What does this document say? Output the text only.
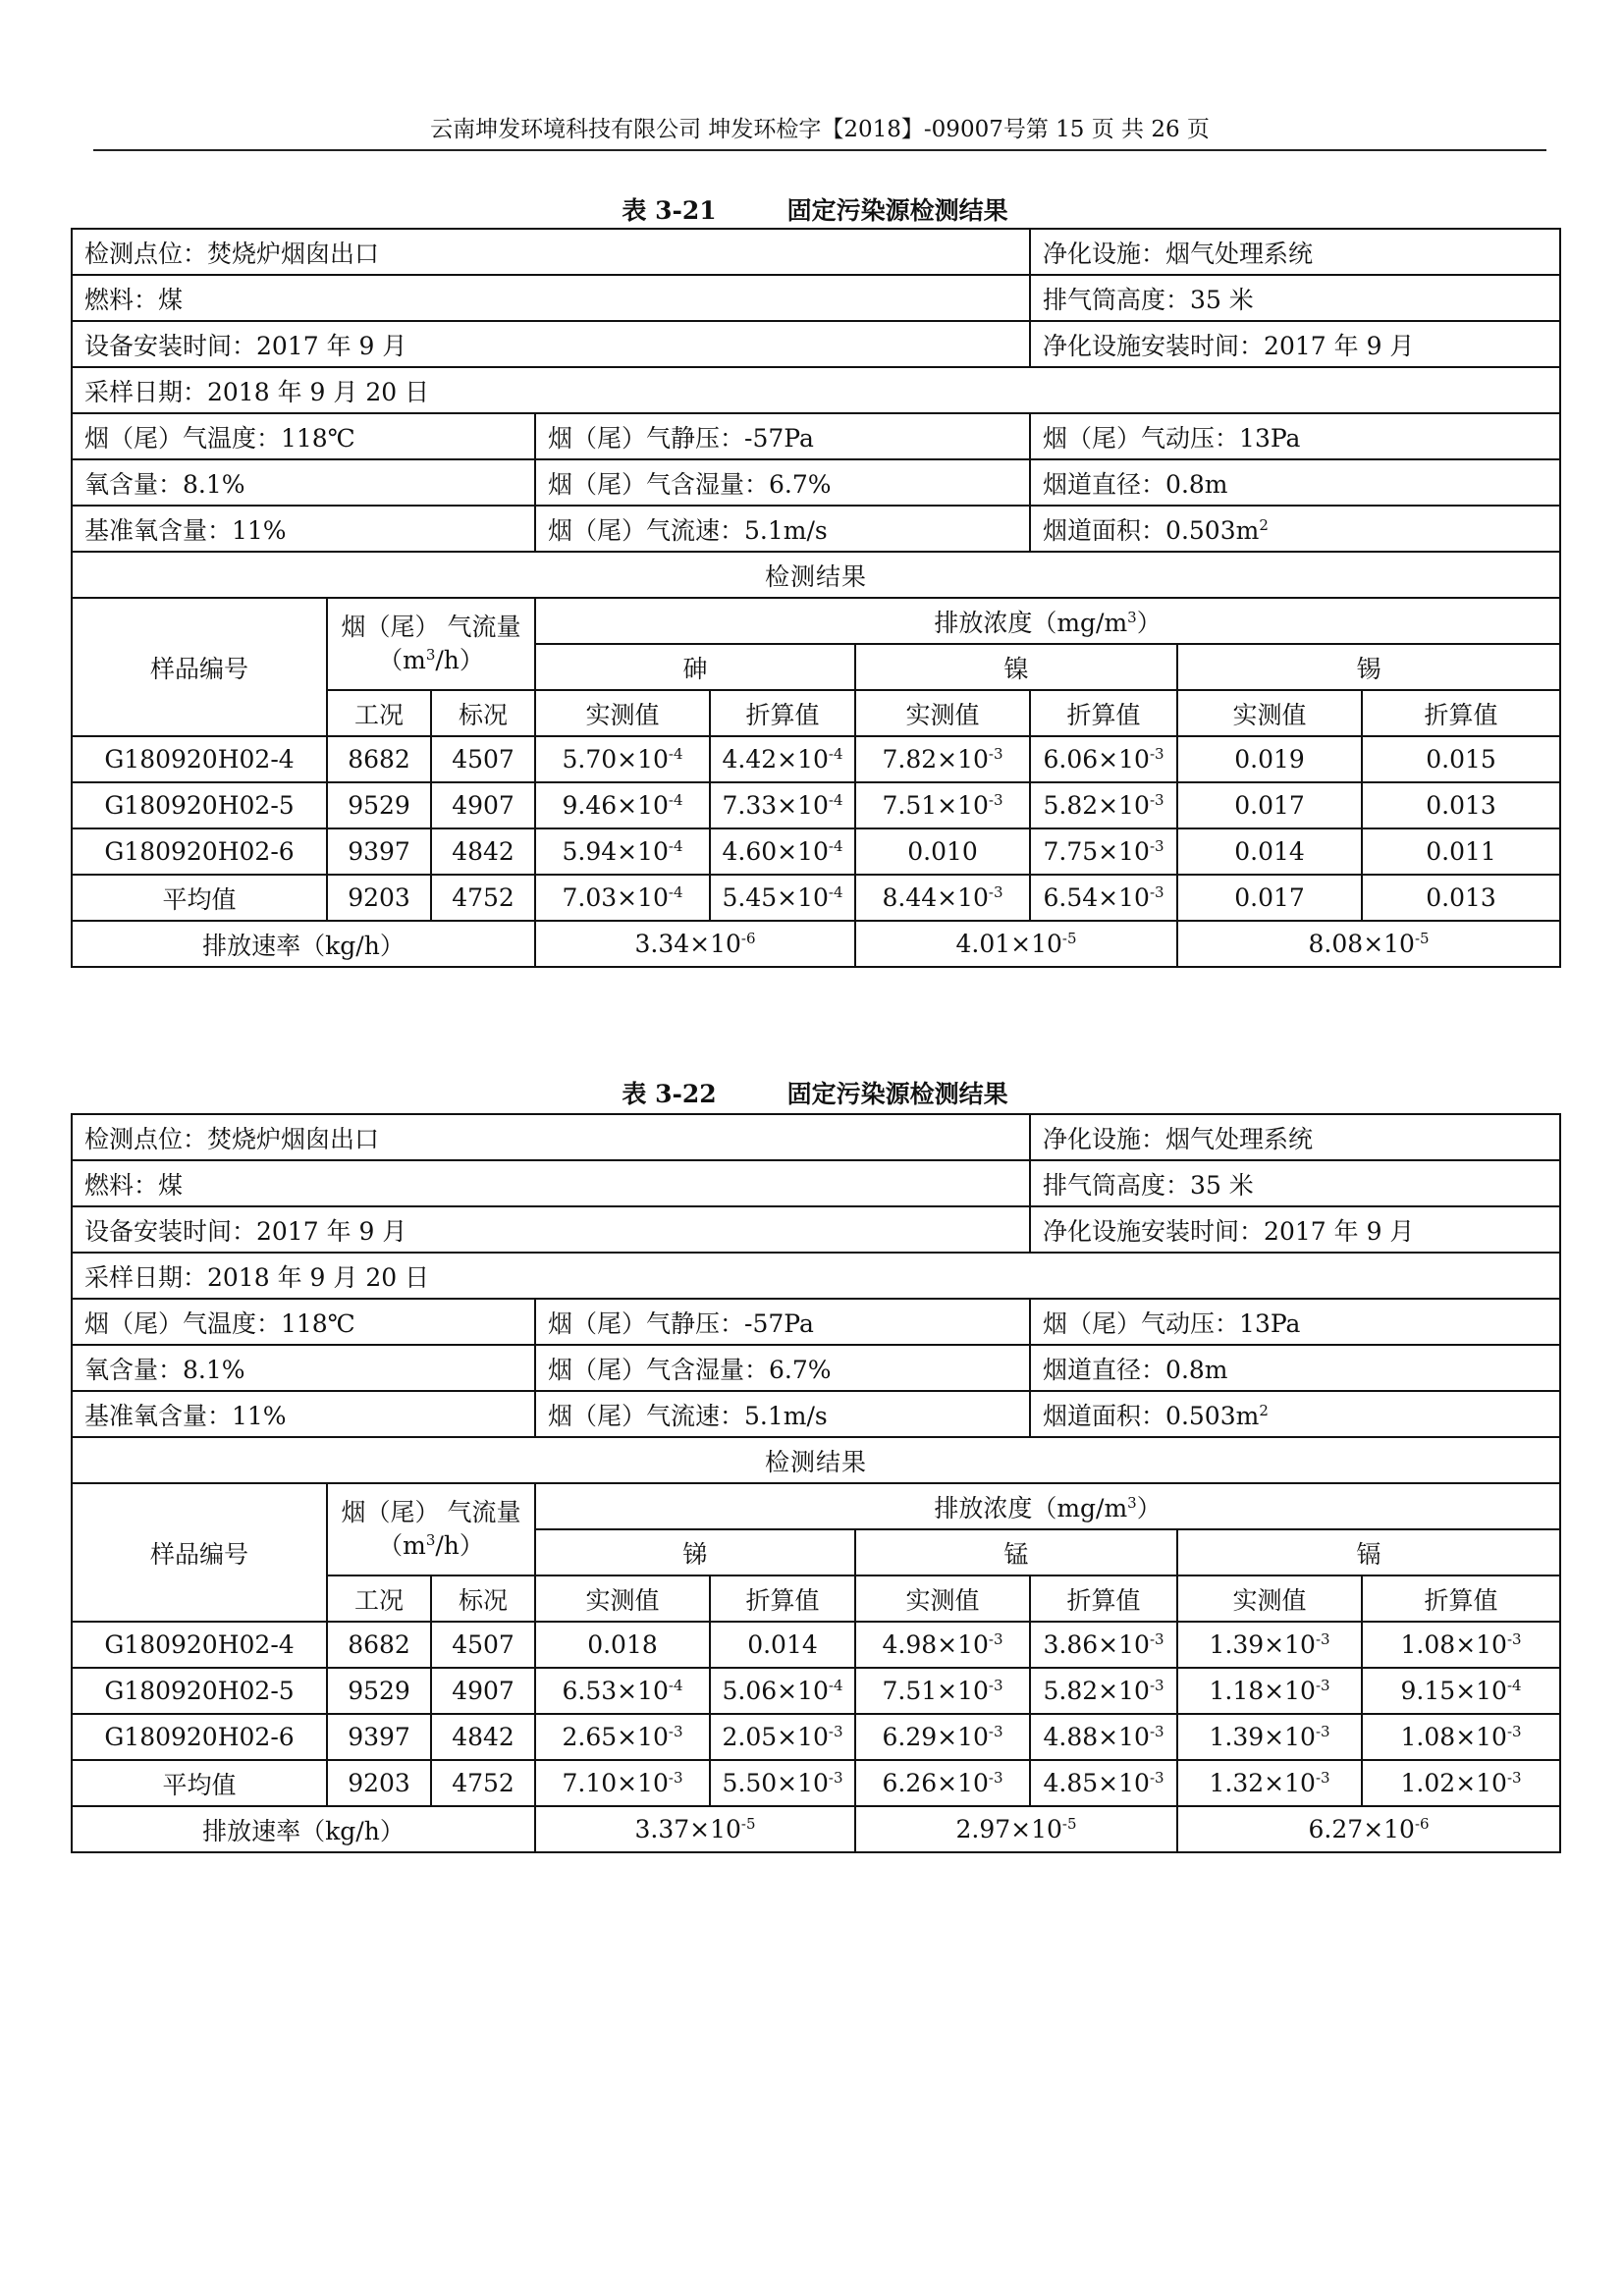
云南坤发环境科技有限公司 坤发环检字【2018】-09007号第 15 页 共 26 页
表 3-21	固定污染源检测结果
检测点位：焚烧炉烟囱出口						净化设施：烟气处理系统		
燃料：煤						排气筒高度：35 米		
设备安装时间：2017 年 9 月						净化设施安装时间：2017 年 9 月		
采样日期：2018 年 9 月 20 日								
烟（尾）气温度：118℃			烟（尾）气静压：-57Pa			烟（尾）气动压：13Pa		
氧含量：8.1%			烟（尾）气含湿量：6.7%			烟道直径：0.8m		
基准氧含量：11%			烟（尾）气流速：5.1m/s			烟道面积：$0.503m^2$
检测结果								
样品编号	烟（尾） 气流量
$(m^3/h)$		排放浓度$(mg/m^3)$					
			砷		镍		锡	
	工况	标况	实测值	折算值	实测值	折算值	实测值	折算值
G180920H02-4	8682	4507	$5.70\times 10^{-4}$	$4.42\times 10^{-4}$	$7.82\times 10^{-3}$	$6.06\times 10^{-3}$	0.019	0.015
G180920H02-5	9529	4907	$9.46\times 10^{-4}$	$7.33\times 10^{-4}$	$7.51\times 10^{-3}$	$5.82\times 10^{-3}$	0.017	0.013
G180920H02-6	9397	4842	$5.94\times 10^{-4}$	$4.60\times 10^{-4}$	0.010	$7.75\times 10^{-3}$	0.014	0.011
平均值	9203	4752	$7.03\times 10^{-4}$	$5.45\times 10^{-4}$	$8.44\times 10^{-3}$	$6.54\times 10^{-3}$	0.017	0.013
排放速率（kg/h）			$3.34\times 10^{-6}$		$4.01\times 10^{-5}$		$8.08\times 10^{-5}$
表 3-22	固定污染源检测结果
检测点位：焚烧炉烟囱出口						净化设施：烟气处理系统		
燃料：煤						排气筒高度：35 米		
设备安装时间：2017 年 9 月						净化设施安装时间：2017 年 9 月		
采样日期：2018 年 9 月 20 日								
烟（尾）气温度：118℃			烟（尾）气静压：-57Pa			烟（尾）气动压：13Pa		
氧含量：8.1%			烟（尾）气含湿量：6.7%			烟道直径：0.8m		
基准氧含量：11%			烟（尾）气流速：5.1m/s			烟道面积：$0.503m^2$
检测结果								
样品编号	烟（尾） 气流量
$(m^3/h)$		排放浓度$(mg/m^3)$					
			锑		锰		镉	
	工况	标况	实测值	折算值	实测值	折算值	实测值	折算值
G180920H02-4	8682	4507	0.018	0.014	$4.98\times 10^{-3}$	$3.86\times 10^{-3}$	$1.39\times 10^{-3}$	$1.08\times 10^{-3}$
G180920H02-5	9529	4907	$6.53\times 10^{-4}$	$5.06\times 10^{-4}$	$7.51\times 10^{-3}$	$5.82\times 10^{-3}$	$1.18\times 10^{-3}$	$9.15\times 10^{-4}$
G180920H02-6	9397	4842	$2.65\times 10^{-3}$	$2.05\times 10^{-3}$	$6.29\times 10^{-3}$	$4.88\times 10^{-3}$	$1.39\times 10^{-3}$	$1.08\times 10^{-3}$
平均值	9203	4752	$7.10\times 10^{-3}$	$5.50\times 10^{-3}$	$6.26\times 10^{-3}$	$4.85\times 10^{-3}$	$1.32\times 10^{-3}$	$1.02\times 10^{-3}$
排放速率（kg/h）			$3.37\times 10^{-5}$		$2.97\times 10^{-5}$		$6.27\times 10^{-6}$
